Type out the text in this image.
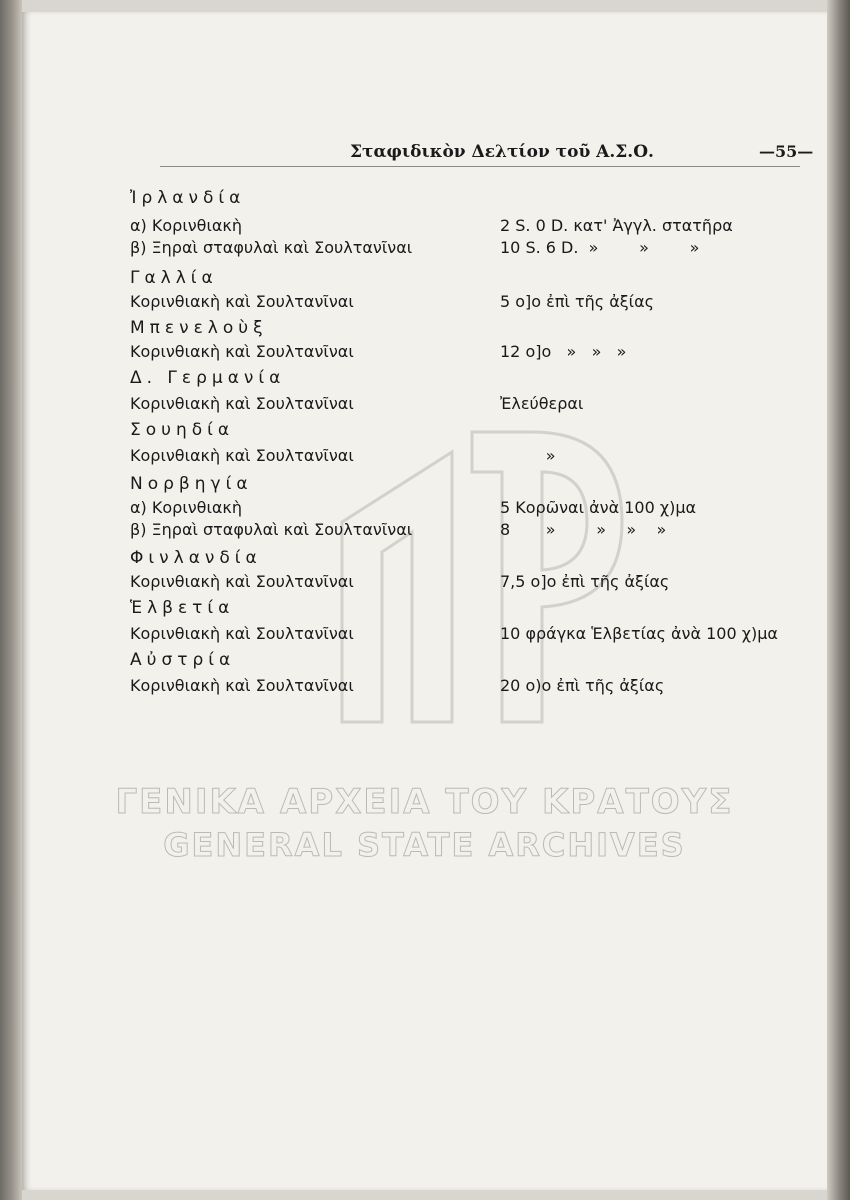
Σταφιδικὸν Δελτίον τοῦ Α.Σ.Ο.	—55—
ΓΕΝΙΚΑ ΑΡΧΕΙΑ ΤΟΥ ΚΡΑΤΟΥΣ
GENERAL STATE ARCHIVES
Ἰρλανδία
α) Κορινθιακὴ	2 S. 0 D. κατ' Ἀγγλ. στατῆρα
β) Ξηραὶ σταφυλαὶ καὶ Σουλτανῖναι	10 S. 6 D.  »        »        »
Γαλλία
Κορινθιακὴ καὶ Σουλτανῖναι	5 ο]ο ἐπὶ τῆς ἀξίας
Μπενελοὺξ
Κορινθιακὴ καὶ Σουλτανῖναι	12 ο]ο   »   »   »
Δ. Γερμανία
Κορινθιακὴ καὶ Σουλτανῖναι	Ἐλεύθεραι
Σουηδία
Κορινθιακὴ καὶ Σουλτανῖναι	»
Νορβηγία
α) Κορινθιακὴ	5 Κορῶναι ἀνὰ 100 χ)μα
β) Ξηραὶ σταφυλαὶ καὶ Σουλτανῖναι	8       »        »    »    »
Φινλανδία
Κορινθιακὴ καὶ Σουλτανῖναι	7,5 ο]ο ἐπὶ τῆς ἀξίας
Ἑλβετία
Κορινθιακὴ καὶ Σουλτανῖναι	10 φράγκα Ἑλβετίας ἀνὰ 100 χ)μα
Αὐστρία
Κορινθιακὴ καὶ Σουλτανῖναι	20 ο)ο ἐπὶ τῆς ἀξίας
